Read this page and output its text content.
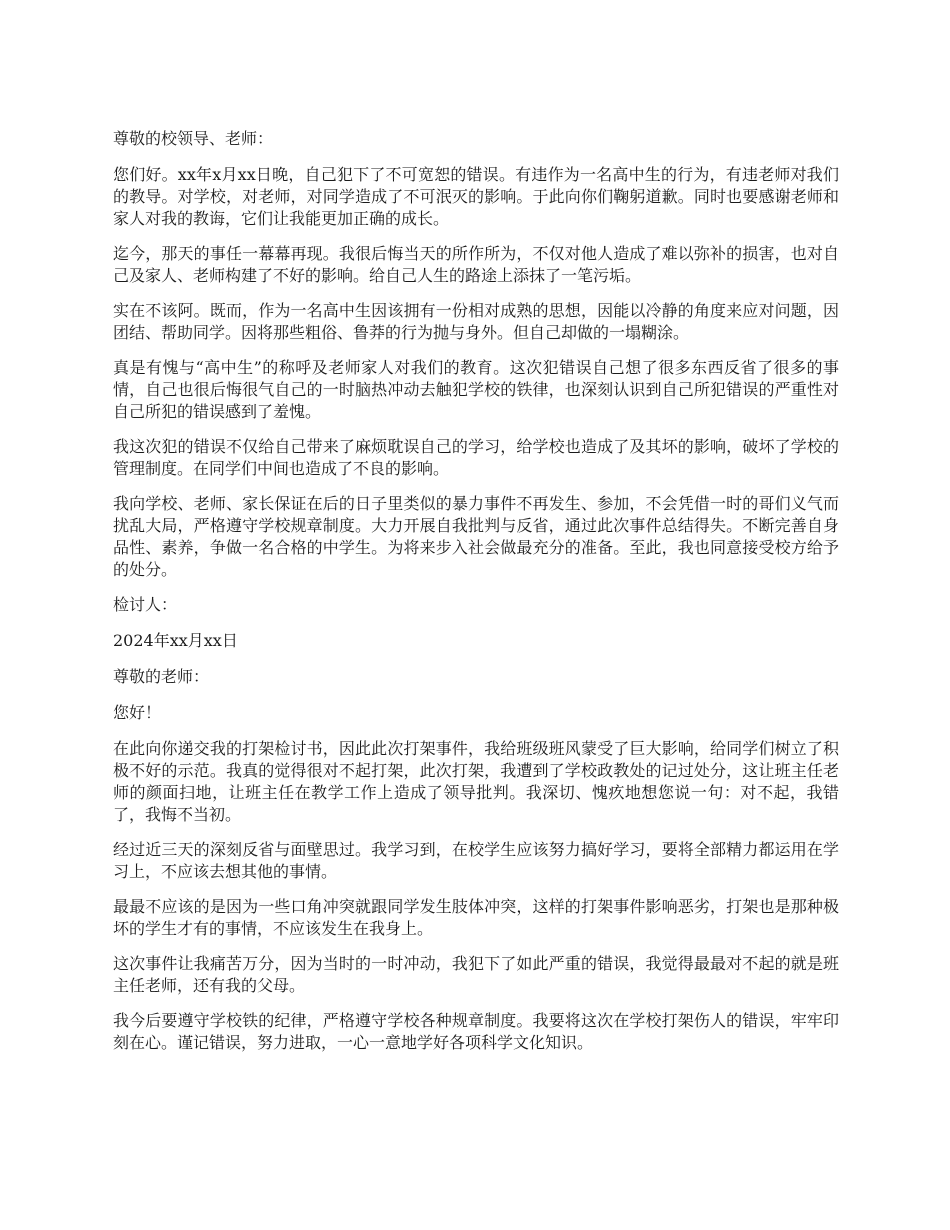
尊敬的校领导、老师：

您们好。xx年x月xx日晚，自己犯下了不可宽恕的错误。有违作为一名高中生的行为，有违老师对我们的教导。对学校，对老师，对同学造成了不可泯灭的影响。于此向你们鞠躬道歉。同时也要感谢老师和家人对我的教诲，它们让我能更加正确的成长。

迄今，那天的事任一幕幕再现。我很后悔当天的所作所为，不仅对他人造成了难以弥补的损害，也对自己及家人、老师构建了不好的影响。给自己人生的路途上添抹了一笔污垢。

实在不该阿。既而，作为一名高中生因该拥有一份相对成熟的思想，因能以冷静的角度来应对问题，因团结、帮助同学。因将那些粗俗、鲁莽的行为抛与身外。但自己却做的一塌糊涂。

真是有愧与“高中生”的称呼及老师家人对我们的教育。这次犯错误自己想了很多东西反省了很多的事情，自己也很后悔很气自己的一时脑热冲动去触犯学校的铁律，也深刻认识到自己所犯错误的严重性对自己所犯的错误感到了羞愧。

我这次犯的错误不仅给自己带来了麻烦耽误自己的学习，给学校也造成了及其坏的影响，破坏了学校的管理制度。在同学们中间也造成了不良的影响。

我向学校、老师、家长保证在后的日子里类似的暴力事件不再发生、参加，不会凭借一时的哥们义气而扰乱大局，严格遵守学校规章制度。大力开展自我批判与反省，通过此次事件总结得失。不断完善自身品性、素养，争做一名合格的中学生。为将来步入社会做最充分的准备。至此，我也同意接受校方给予的处分。

检讨人：

2024年xx月xx日

尊敬的老师：

您好！

在此向你递交我的打架检讨书，因此此次打架事件，我给班级班风蒙受了巨大影响，给同学们树立了积极不好的示范。我真的觉得很对不起打架，此次打架，我遭到了学校政教处的记过处分，这让班主任老师的颜面扫地，让班主任在教学工作上造成了领导批判。我深切、愧疚地想您说一句：对不起，我错了，我悔不当初。

经过近三天的深刻反省与面壁思过。我学习到，在校学生应该努力搞好学习，要将全部精力都运用在学习上，不应该去想其他的事情。

最最不应该的是因为一些口角冲突就跟同学发生肢体冲突，这样的打架事件影响恶劣，打架也是那种极坏的学生才有的事情，不应该发生在我身上。

这次事件让我痛苦万分，因为当时的一时冲动，我犯下了如此严重的错误，我觉得最最对不起的就是班主任老师，还有我的父母。

我今后要遵守学校铁的纪律，严格遵守学校各种规章制度。我要将这次在学校打架伤人的错误，牢牢印刻在心。谨记错误，努力进取，一心一意地学好各项科学文化知识。
